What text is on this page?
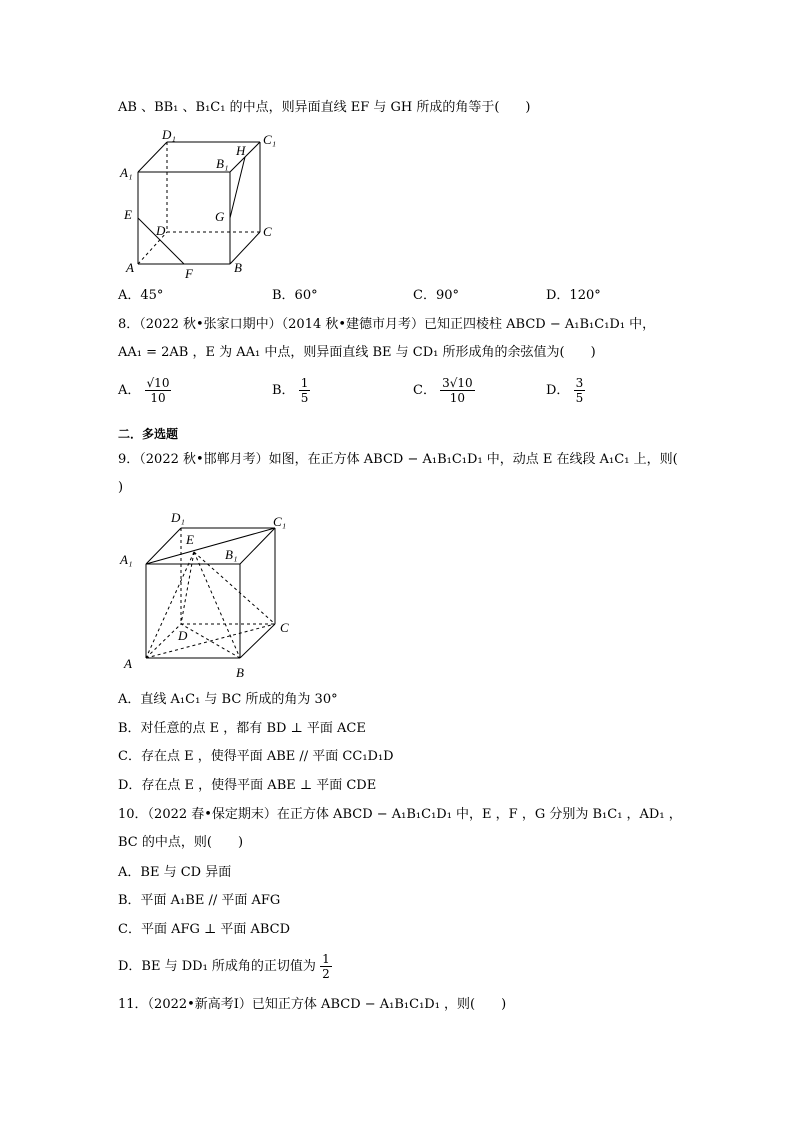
AB 、BB₁ 、B₁C₁ 的中点，则异面直线 EF 与 GH 所成的角等于(　　)
D₁	C₁
A₁
B₁
H
G
E
D	C
A	F	B
A．45°	B．60°	C．90°	D．120°
8．（2022 秋•张家口期中）（2014 秋•建德市月考）已知正四棱柱 ABCD − A₁B₁C₁D₁ 中，
AA₁ = 2AB ，E 为 AA₁ 中点，则异面直线 BE 与 CD₁ 所形成角的余弦值为(　　)
A． $\frac{√10}{10}$	B． $\frac{1}{5}$	C． $\frac{3√10}{10}$	D． $\frac{3}{5}$
二．多选题
9．（2022 秋•邯郸月考）如图，在正方体 ABCD − A₁B₁C₁D₁ 中，动点 E 在线段 A₁C₁ 上，则(
)
D₁	C₁
A₁
E
B₁
D
C
A
B
A．直线 A₁C₁ 与 BC 所成的角为 30°
B．对任意的点 E ，都有 BD ⊥ 平面 ACE
C．存在点 E ，使得平面 ABE // 平面 CC₁D₁D
D．存在点 E ，使得平面 ABE ⊥ 平面 CDE
10．（2022 春•保定期末）在正方体 ABCD − A₁B₁C₁D₁ 中，E ，F ，G 分别为 B₁C₁ ，AD₁ ，
BC 的中点，则(　　)
A．BE 与 CD 异面
B．平面 A₁BE // 平面 AFG
C．平面 AFG ⊥ 平面 ABCD
D．BE 与 DD₁ 所成角的正切值为 $\frac{1}{2}$
11．（2022•新高考Ⅰ）已知正方体 ABCD − A₁B₁C₁D₁ ，则(　　)
